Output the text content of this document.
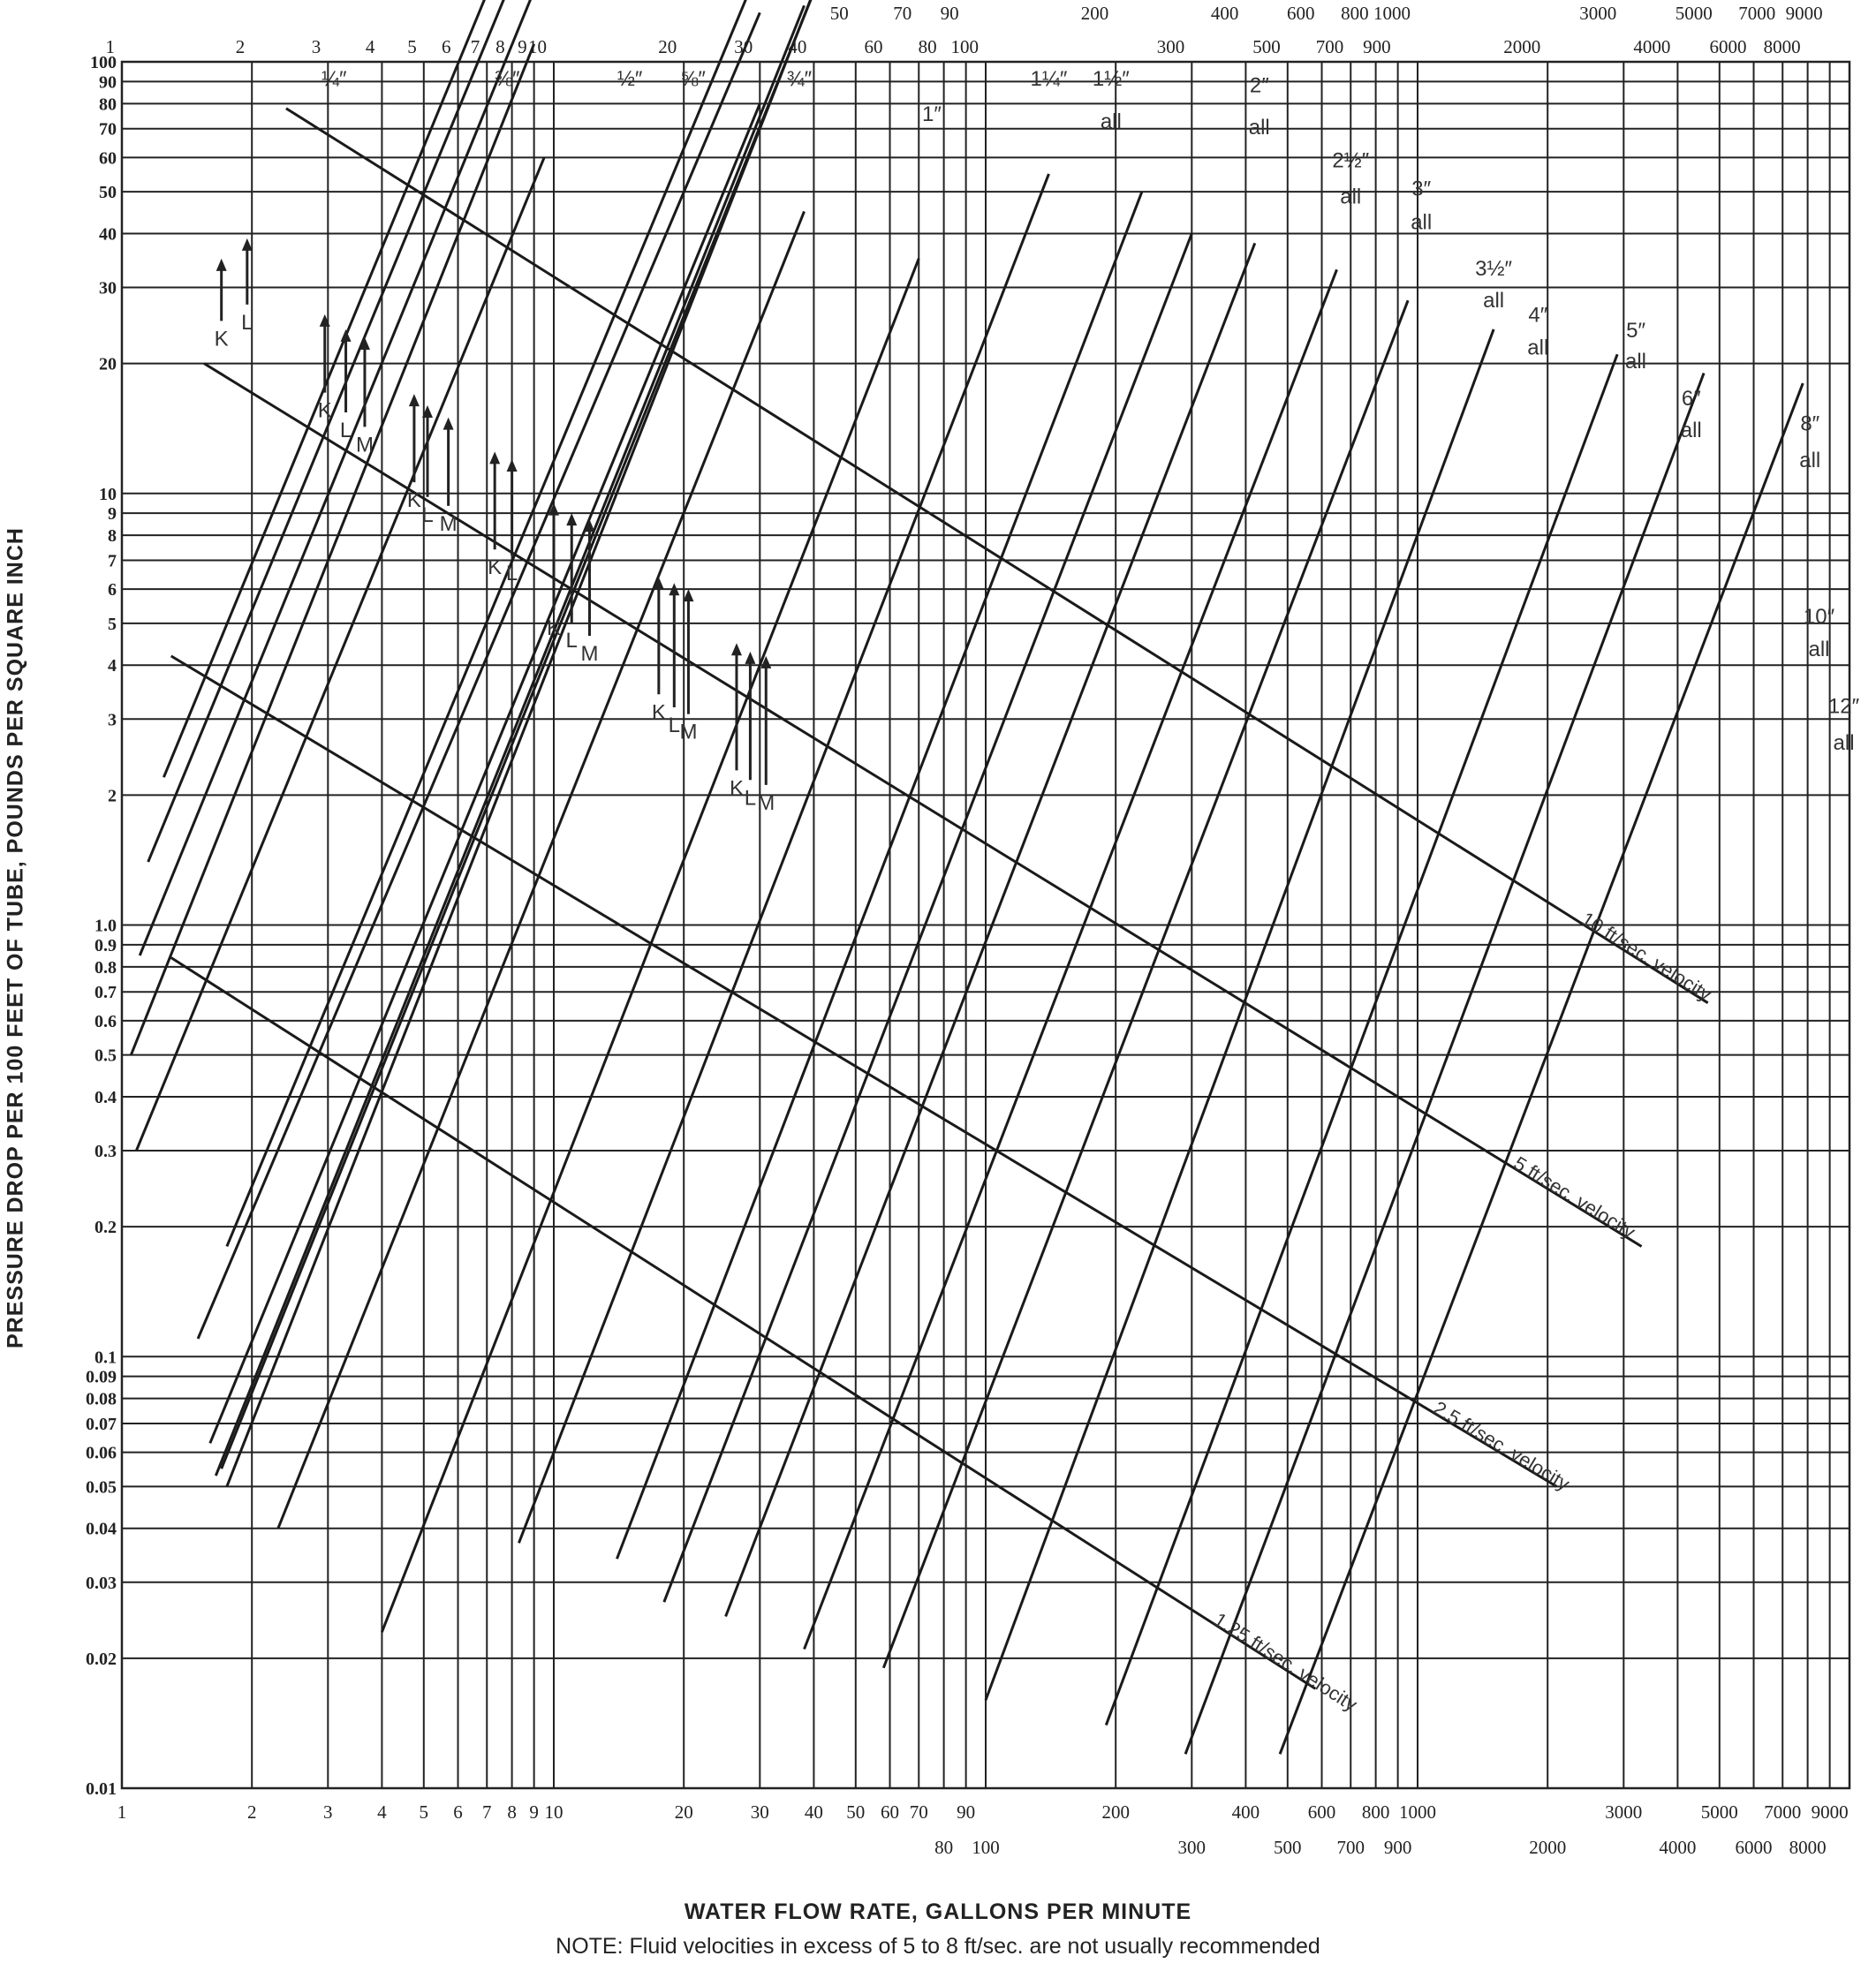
1
1
2
2
3
3
4
4
5
5
6
6
7
7
8
8
9
9
10
10
20
20
30
30
40
40
50
50
60
60
70
70
80
80
90
90
100
100
200
200
300
300
400
400
500
500
600
600
700
700
800
800
900
900
1000
1000
2000
2000
3000
3000
4000
4000
5000
5000
6000
6000
7000
7000
8000
8000
9000
9000
0.01
0.02
0.03
0.04
0.05
0.06
0.07
0.08
0.09
0.1
0.2
0.3
0.4
0.5
0.6
0.7
0.8
0.9
1.0
2
3
4
5
6
7
8
9
10
20
30
40
50
60
70
80
90
100
10 ft/sec. velocity
5 ft/sec. velocity
2.5 ft/sec. velocity
1.25 ft/sec. velocity
¼″	⅜″	½″ ⅝″	¾″
1″
1¼″ 1½″
all
2″
all
2½″
all 3″
all
3½″
all
4″
all
5″
all
6″
all	8″
all
10″
all
12″
all
K
L
K
L
M
K
L M
K L
K
L
M
K
L M
K L M
PRESSURE DROP PER 100 FEET OF TUBE, POUNDS PER SQUARE INCH
WATER FLOW RATE, GALLONS PER MINUTE
NOTE: Fluid velocities in excess of 5 to 8 ft/sec. are not usually recommended
